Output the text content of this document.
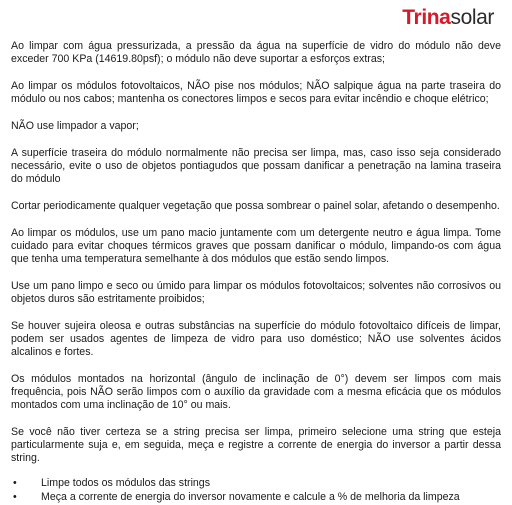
Trina solar

Ao limpar com água pressurizada, a pressão da água na superfície de vidro do módulo não deve exceder 700 KPa (14619.80psf); o módulo não deve suportar a esforços extras;

Ao limpar os módulos fotovoltaicos, NÃO pise nos módulos; NÃO salpique água na parte traseira do módulo ou nos cabos; mantenha os conectores limpos e secos para evitar incêndio e choque elétrico;

NÃO use limpador a vapor;

A superfície traseira do módulo normalmente não precisa ser limpa, mas, caso isso seja considerado necessário, evite o uso de objetos pontiagudos que possam danificar a penetração na lamina traseira do módulo

Cortar periodicamente qualquer vegetação que possa sombrear o painel solar, afetando o desempenho.

Ao limpar os módulos, use um pano macio juntamente com um detergente neutro e água limpa. Tome cuidado para evitar choques térmicos graves que possam danificar o módulo, limpando-os com água que tenha uma temperatura semelhante à dos módulos que estão sendo limpos.

Use um pano limpo e seco ou úmido para limpar os módulos fotovoltaicos; solventes não corrosivos ou objetos duros são estritamente proibidos;

Se houver sujeira oleosa e outras substâncias na superfície do módulo fotovoltaico difíceis de limpar, podem ser usados agentes de limpeza de vidro para uso doméstico; NÃO use solventes ácidos alcalinos e fortes.

Os módulos montados na horizontal (ângulo de inclinação de 0°) devem ser limpos com mais frequência, pois NÃO serão limpos com o auxílio da gravidade com a mesma eficácia que os módulos montados com uma inclinação de 10° ou mais.

Se você não tiver certeza se a string precisa ser limpa, primeiro selecione uma string que esteja particularmente suja e, em seguida, meça e registre a corrente de energia do inversor a partir dessa string.

• Limpe todos os módulos das strings
• Meça a corrente de energia do inversor novamente e calcule a % de melhoria da limpeza
